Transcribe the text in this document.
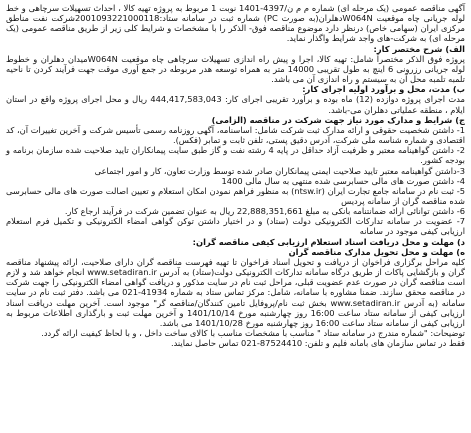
آگهی مناقصه عمومی (یک مرحله ای) شماره م م ن/4397-1401 نوبت 1 مربوط به پروژه تهیه کالا ، احداث تسهیلات سرچاهی و خط لوله جریانی چاه موقعیت W064Nدهلران(به صورت PC) شماره ثبت در سامانه ستاد:2001093221000118شرکت نفت مناطق مرکزی ایران (سهامی خاص) درنظر دارد موضوع مناقصه فوق- الذکر را با مشخصات و شرایط کلی زیر از طریق مناقصه عمومی (یک مرحله ای) به شرکت-های واجد شرایط واگذار نماید.

الف) شرح مختصر کار:

پروژه فوق الذکر مختصراً شامل: تهیه کالا، اجرا و پیش راه اندازی تسهیلات سرچاهی چاه موقعیت W064Nمیدان دهلران و خطوط لوله جریانی رزرونی 6 اینچ به طول تقریبی 14000 متر به همراه توسعه هدر مربوطه در جمع آوری موقت جهت فرآیند کردن تا ناحیه تلمبه تلمبه محل آن به سیستم و راه اندازی آن می باشد.

ب) مدت، محل و برآورد اولیه اجرای کار:

مدت اجرای پروژه دوازده (12) ماه بوده و برآورد تقریبی اجرای کار: 444,417,583,043 ریال و محل اجرای پروژه واقع در استان ایلام ، منطقه عملیاتی دهلران می-باشد.

ج) شرایط و مدارک مورد نیاز جهت شرکت در مناقصه (الزامی)

1- داشتن شخصیت حقوقی و ارائه مدارک ثبت شرکت شامل: اساسنامه، آگهی روزنامه رسمی تأسیس شرکت و آخرین تغییرات آن، کد اقتصادی و شماره شناسه ملی شرکت، آدرس دقیق پستی، تلفن ثابت و تمابر (فکس).

2- داشتن گواهینامه معتبر و ظرفیت آزاد حداقل در پایه 4 رشته نفت و گاز طبق سایت پیمانکاران تایید صلاحیت شده سازمان برنامه و بودجه کشور.

3-داشتن گواهینامه معتبر تایید صلاحیت ایمنی پیمانکاران صادر شده توسط وزارت تعاون، کار و امور اجتماعی

4- داشتن صورت های مالی حسابرسی شده منتهی به سال مالی 1400

5- ثبت نام در سامانه جامع تجارت ایران (ntsw.ir) به منظور فراهم نمودن امکان استعلام و تعیین اصالت صورت های مالی حسابرسی شده مناقصه گران از سامانه پردیس

6- داشتن توانائی ارائه ضمانتنامه بانکی به مبلغ 22,888,351,661 ریال به عنوان تضمین شرکت در فرآیند ارجاع کار.

7- عضویت در سامانه تدارکات الکترونیکی دولت (ستاد) و در اختیار داشتن توکن گواهی امضاء الکترونیکی و تکمیل فرم استعلام ارزیابی کیفی موجود در سامانه

د) مهلت و محل دریافت اسناد استعلام ارزیابی کیفی مناقصه گران:

ه) مهلت و محل تحویل مدارک مناقصه گران

کلیه مراحل برگزاری فراخوان از دریافت و تحویل اسناد فراخوان تا تهیه فهرست مناقصه گران دارای صلاحیت، ارائه پیشنهاد مناقصه گران و بازگشایی پاکات از طریق درگاه سامانه تدارکات الکترونیکی دولت(ستاد) به آدرس www.setadiran.ir انجام خواهد شد و لازم است مناقصه گران در صورت عدم عضویت قبلی، مراحل ثبت نام در سایت مذکور و دریافت گواهی امضاء الکترونیکی را جهت شرکت در مناقصه محقق سازند. ضمنا مشاوره با سامانه، شامل: مرکز تماس ستاد به شماره 41934-021 می باشد. دفتر ثبت نام در سایت سامانه (به آدرس www.setadiran.ir بخش ثبت نام/پروفایل تامین کنندگان/مناقصه گر" موجود است. آخرین مهلت دریافت اسناد ارزیابی کیفی از سامانه ستاد ساعت 16:00 روز چهارشنبه مورخ 1401/10/14 و آخرین مهلت ثبت و بارگذاری اطلاعات مربوط به ارزیابی کیفی از سامانه ستاد ساعت 16:00 روز چهارشنبه مورخ 1401/10/28 می باشد.

توضیحات: "شماره مندرج در سامانه ستاد " مناسب با مشخصات مناسب با کالای ساخت داخل ، و با لحاظ کیفیت ارائه گردد.

فقط در تماس سازمان های بامانه فلیم و تلفن: 87524410-021 تماس حاصل نمایند.
